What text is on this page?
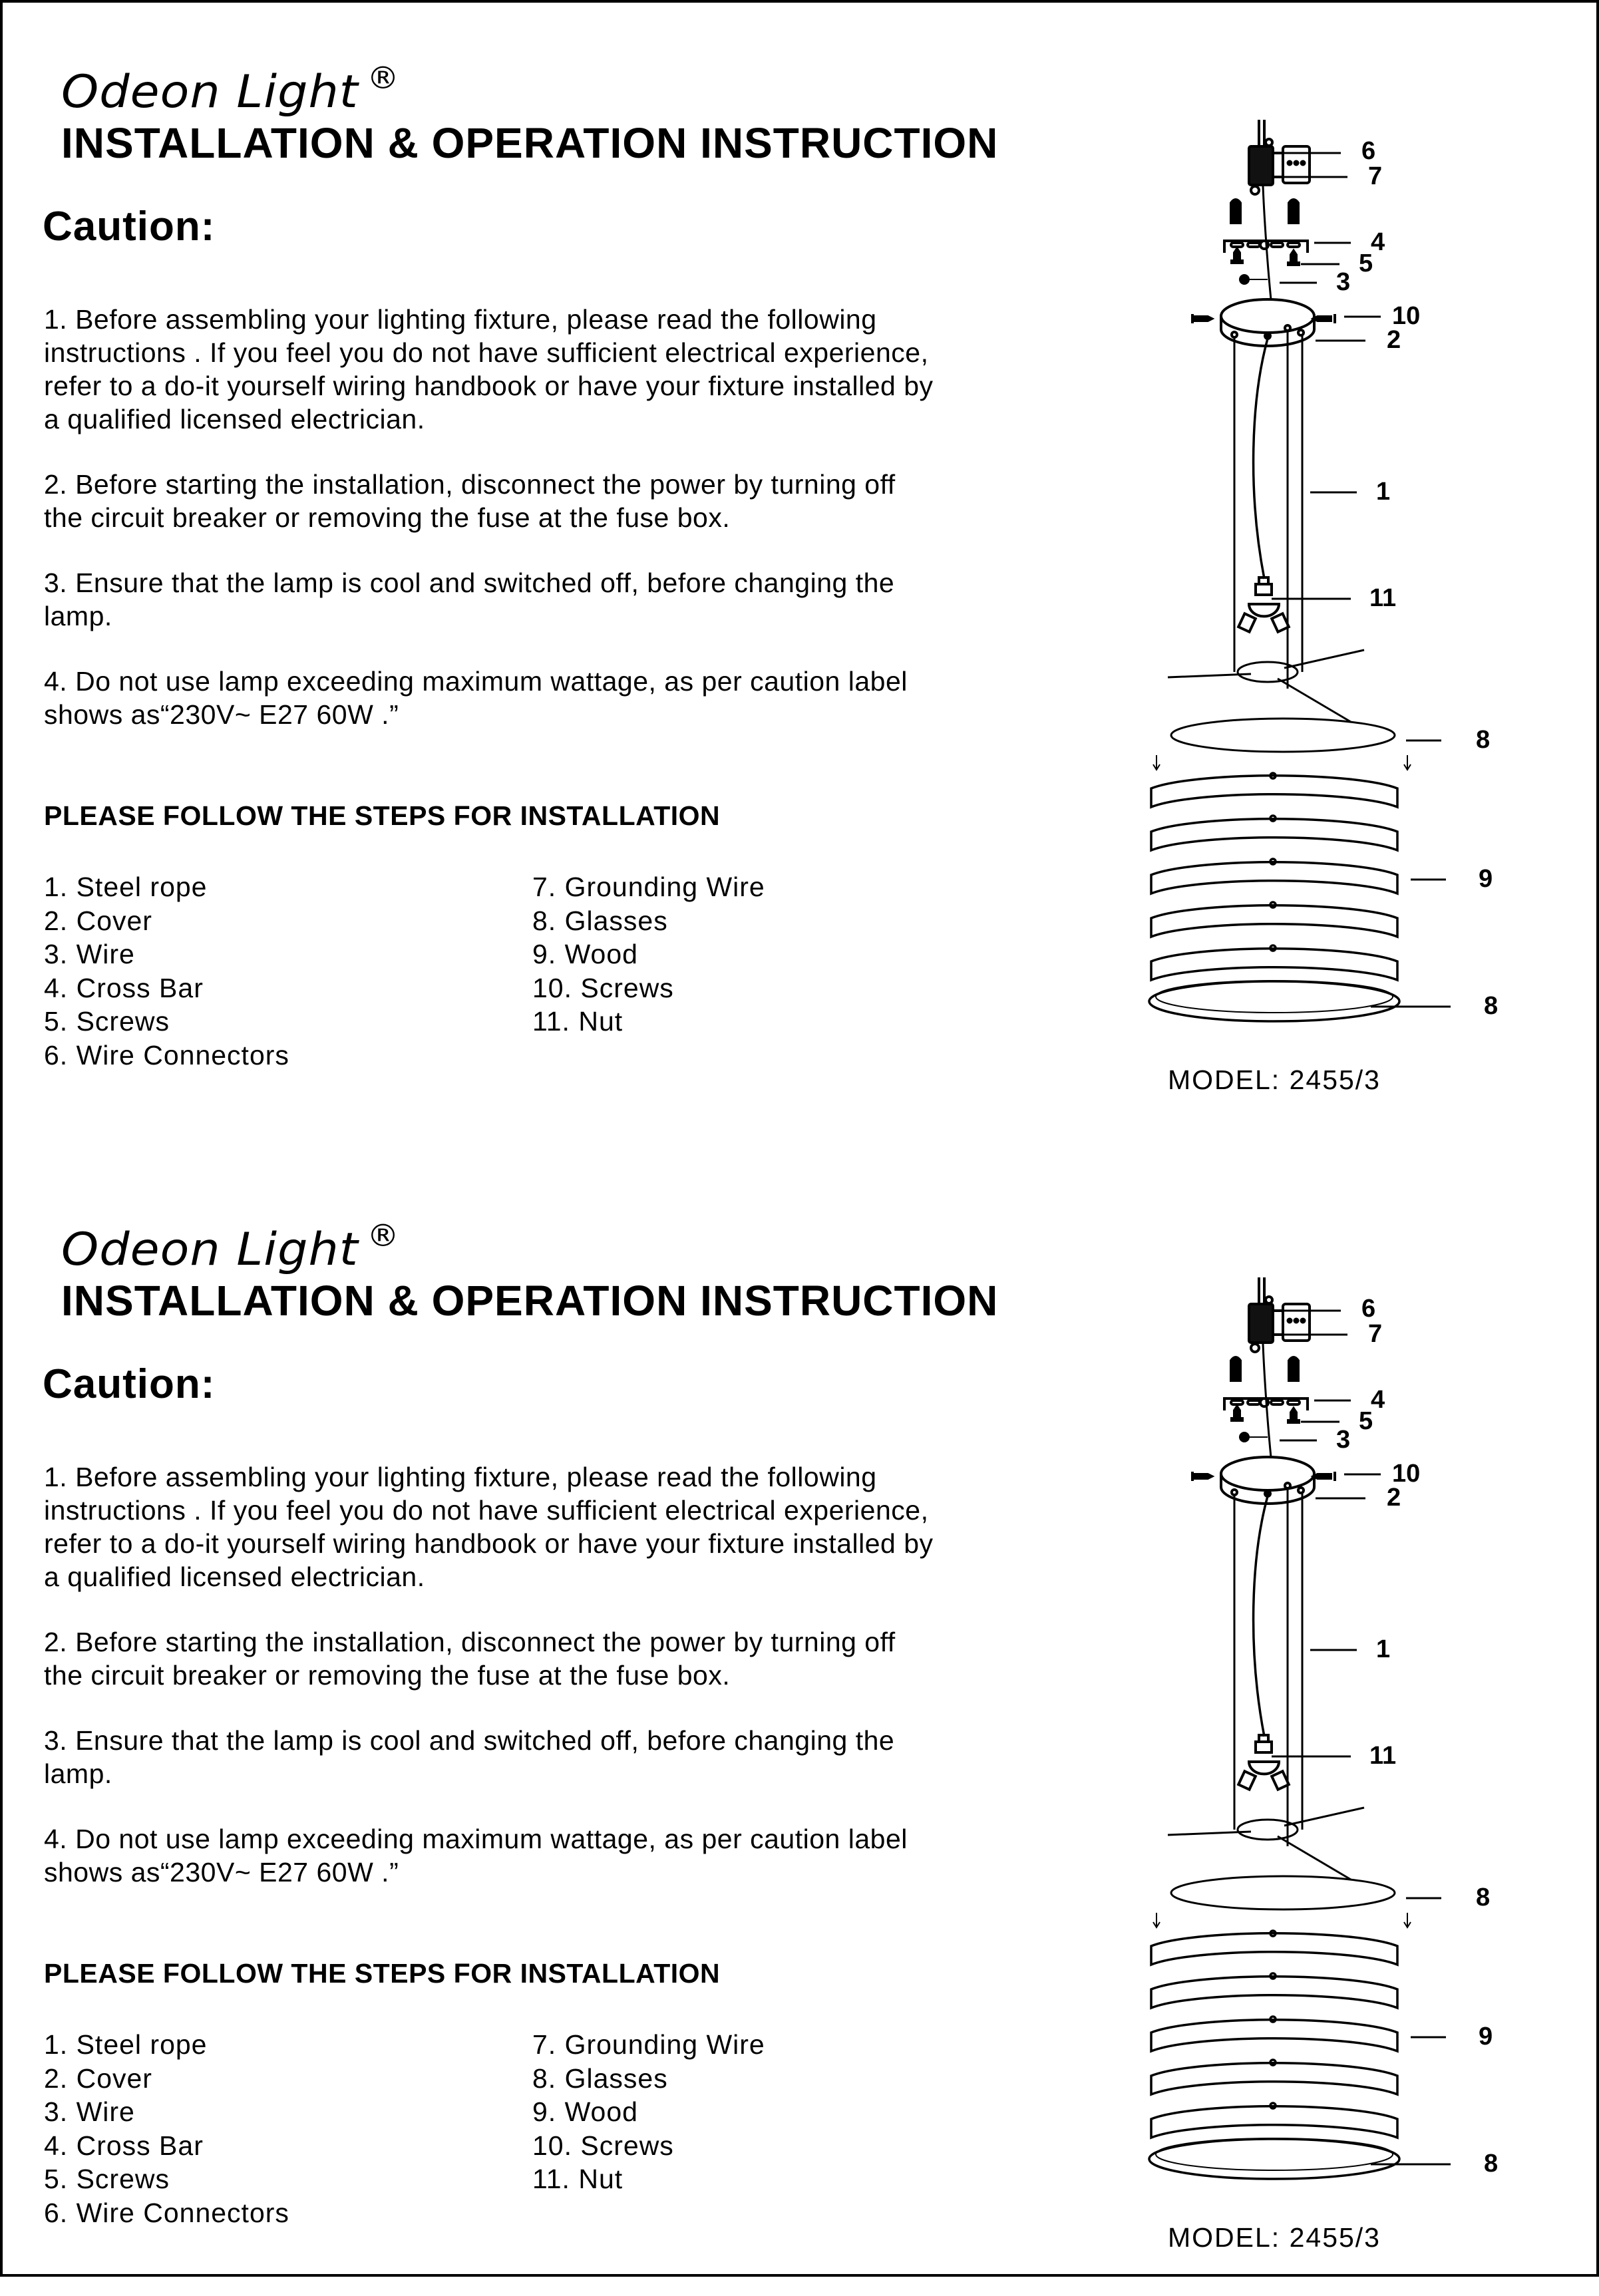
Odeon Light ®
INSTALLATION & OPERATION INSTRUCTION
Caution:

1. Before assembling your lighting fixture, please read the following
instructions . If you feel you do not have sufficient electrical experience,
refer to a do-it yourself wiring handbook or have your fixture installed by
a qualified licensed electrician.

2. Before starting the installation, disconnect the power by turning off
the circuit breaker or removing the fuse at the fuse box.

3. Ensure that the lamp is cool and switched off, before changing the
lamp.

4. Do not use lamp exceeding maximum wattage, as per caution label
shows as“230V~ E27 60W .”

PLEASE FOLLOW THE STEPS FOR INSTALLATION
1. Steel rope
2. Cover
3. Wire
4. Cross Bar
5. Screws
6. Wire Connectors
7. Grounding Wire
8. Glasses
9. Wood
10. Screws
11. Nut
6
7
4
5
3
10
2
1
11
8
9
8
MODEL: 2455/3
Odeon Light ®
INSTALLATION & OPERATION INSTRUCTION
Caution:

1. Before assembling your lighting fixture, please read the following
instructions . If you feel you do not have sufficient electrical experience,
refer to a do-it yourself wiring handbook or have your fixture installed by
a qualified licensed electrician.

2. Before starting the installation, disconnect the power by turning off
the circuit breaker or removing the fuse at the fuse box.

3. Ensure that the lamp is cool and switched off, before changing the
lamp.

4. Do not use lamp exceeding maximum wattage, as per caution label
shows as“230V~ E27 60W .”

PLEASE FOLLOW THE STEPS FOR INSTALLATION
1. Steel rope
2. Cover
3. Wire
4. Cross Bar
5. Screws
6. Wire Connectors
7. Grounding Wire
8. Glasses
9. Wood
10. Screws
11. Nut
6
7
4
5
3
10
2
1
11
8
9
8
MODEL: 2455/3
